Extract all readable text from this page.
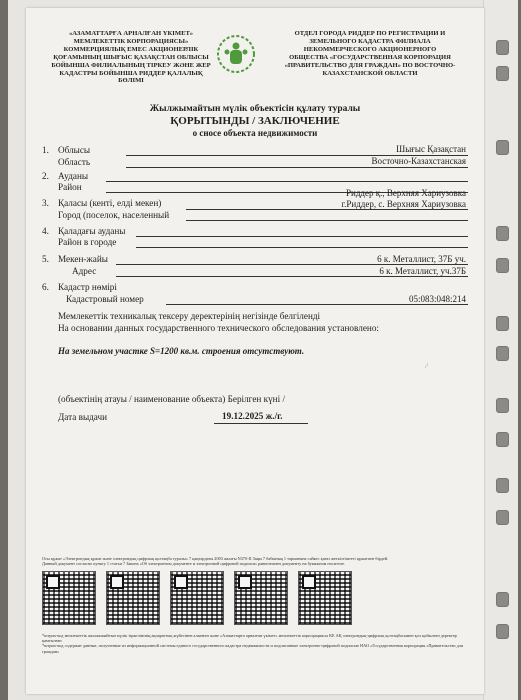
«АЗАМАТТАРҒА АРНАЛҒАН ҮКІМЕТ»
МЕМЛЕКЕТТІК КОРПОРАЦИЯСЫ»
КОММЕРЦИЯЛЫҚ ЕМЕС АКЦИОНЕРЛІК
ҚОҒАМЫНЫҢ ШЫҒЫС ҚАЗАҚСТАН ОБЛЫСЫ
БОЙЫНША ФИЛИАЛЫНЫҢ ТІРКЕУ ЖӘНЕ ЖЕР
КАДАСТРЫ БОЙЫНША РИДДЕР ҚАЛАЛЫҚ
БӨЛІМІ
ОТДЕЛ ГОРОДА РИДДЕР ПО РЕГИСТРАЦИИ И
ЗЕМЕЛЬНОГО КАДАСТРА ФИЛИАЛА
НЕКОММЕРЧЕСКОГО АКЦИОНЕРНОГО
ОБЩЕСТВА «ГОСУДАРСТВЕННАЯ КОРПОРАЦИЯ
«ПРАВИТЕЛЬСТВО ДЛЯ ГРАЖДАН» ПО ВОСТОЧНО-
КАЗАХСТАНСКОЙ ОБЛАСТИ
Жылжымайтын мүлік объектісін құлату туралы
ҚОРЫТЫНДЫ / ЗАКЛЮЧЕНИЕ
о сносе объекта недвижимости
1. Облысы
Область
Шығыс Қазақстан
Восточно-Казахстанская
2. Ауданы
Район
Риддер қ., Верхняя Хариузовка
3. Қаласы (кенті, елді мекен)
Город (поселок, населенный
г.Риддер, с. Верхняя Хариузовка
4. Қаладағы ауданы
Район в городе
5. Мекен-жайы
Адрес
6 к. Металлист, 37Б уч.
6 к. Металлист, уч.37Б
6. Кадастр нөмірі
Кадастровый номер	05:083:048:214
Мемлекеттік техникалық тексеру деректерінің негізінде белгіленді
На основании данных государственного технического обследования установлено:
На земельном участке S=1200 кв.м. строения отсутствуют.
~
(объектінің атауы / наименование объекта) Берілген күні /
Дата выдачи	19.12.2025 ж./г.
Осы құжат «Электрондық құжат және электрондық цифрлық қолтаңба туралы» 7 қаңтардағы 2003 жылғы N370-II Заңы 7 бабының 1 тармағына сәйкес қағаз жеткізгіштегі құжатпен бірдей.
Данный документ согласно пункту 1 статьи 7 Закона «Об электронном документе и электронной цифровой подписи» равнозначен документу на бумажном носителе.
*штрих-код мемлекеттік жылжымайтын мүлік тіркелімінің ақпараттық жүйесінен алынған және «Азаматтарға арналған үкімет» мемлекеттік корпорациясы КЕ АҚ электрондық-цифрлық қолтаңбасымен қол қойылған деректер қамтылған
*штрих-код содержит данные, полученные из информационной системы единого государственного кадастра недвижимости и подписанные электронно-цифровой подписью НАО «Государственная корпорация «Правительство для граждан»
